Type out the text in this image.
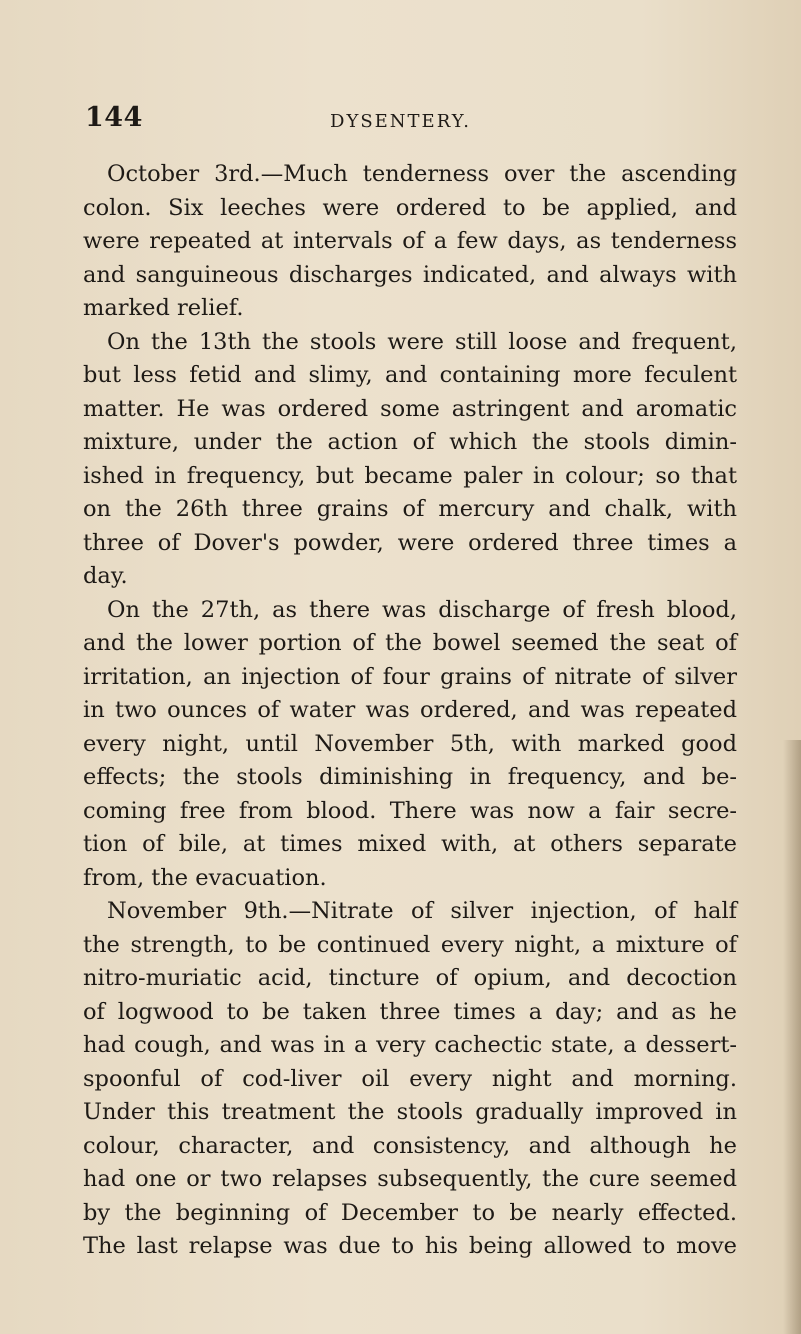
144	DYSENTERY.
October 3rd.—Much tenderness over the ascending
colon. Six leeches were ordered to be applied, and
were repeated at intervals of a few days, as tenderness
and sanguineous discharges indicated, and always with
marked relief.
On the 13th the stools were still loose and frequent,
but less fetid and slimy, and containing more feculent
matter. He was ordered some astringent and aromatic
mixture, under the action of which the stools dimin-
ished in frequency, but became paler in colour; so that
on the 26th three grains of mercury and chalk, with
three of Dover's powder, were ordered three times a
day.
On the 27th, as there was discharge of fresh blood,
and the lower portion of the bowel seemed the seat of
irritation, an injection of four grains of nitrate of silver
in two ounces of water was ordered, and was repeated
every night, until November 5th, with marked good
effects; the stools diminishing in frequency, and be-
coming free from blood. There was now a fair secre-
tion of bile, at times mixed with, at others separate
from, the evacuation.
November 9th.—Nitrate of silver injection, of half
the strength, to be continued every night, a mixture of
nitro-muriatic acid, tincture of opium, and decoction
of logwood to be taken three times a day; and as he
had cough, and was in a very cachectic state, a dessert-
spoonful of cod-liver oil every night and morning.
Under this treatment the stools gradually improved in
colour, character, and consistency, and although he
had one or two relapses subsequently, the cure seemed
by the beginning of December to be nearly effected.
The last relapse was due to his being allowed to move
